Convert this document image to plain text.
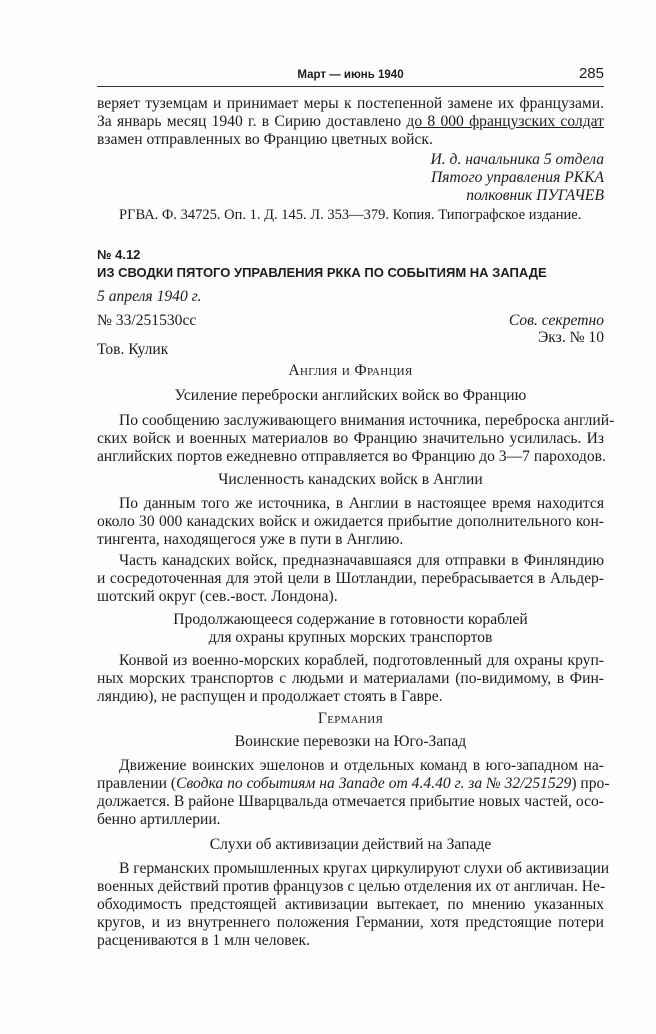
Март — июнь 1940	285
веряет туземцам и принимает меры к постепенной замене их французами.
За январь месяц 1940 г. в Сирию доставлено до 8 000 французских солдат
взамен отправленных во Францию цветных войск.
И. д. начальника 5 отдела
Пятого управления РККА
полковник ПУГАЧЕВ
РГВА. Ф. 34725. Оп. 1. Д. 145. Л. 353—379. Копия. Типографское издание.
№ 4.12
ИЗ СВОДКИ ПЯТОГО УПРАВЛЕНИЯ РККА ПО СОБЫТИЯМ НА ЗАПАДЕ
5 апреля 1940 г.
№ 33/251530сс	Сов. секретно
Экз. № 10
Тов. Кулик
Англия и Франция
Усиление переброски английских войск во Францию
По сообщению заслуживающего внимания источника, переброска англий-
ских войск и военных материалов во Францию значительно усилилась. Из
английских портов ежедневно отправляется во Францию до 3—7 пароходов.
Численность канадских войск в Англии
По данным того же источника, в Англии в настоящее время находится
около 30 000 канадских войск и ожидается прибытие дополнительного кон-
тингента, находящегося уже в пути в Англию.
Часть канадских войск, предназначавшаяся для отправки в Финляндию
и сосредоточенная для этой цели в Шотландии, перебрасывается в Альдер-
шотский округ (сев.-вост. Лондона).
Продолжающееся содержание в готовности кораблей
для охраны крупных морских транспортов
Конвой из военно-морских кораблей, подготовленный для охраны круп-
ных морских транспортов с людьми и материалами (по-видимому, в Фин-
ляндию), не распущен и продолжает стоять в Гавре.
Германия
Воинские перевозки на Юго-Запад
Движение воинских эшелонов и отдельных команд в юго-западном на-
правлении (Сводка по событиям на Западе от 4.4.40 г. за № 32/251529) про-
должается. В районе Шварцвальда отмечается прибытие новых частей, осо-
бенно артиллерии.
Слухи об активизации действий на Западе
В германских промышленных кругах циркулируют слухи об активизации
военных действий против французов с целью отделения их от англичан. Не-
обходимость предстоящей активизации вытекает, по мнению указанных
кругов, и из внутреннего положения Германии, хотя предстоящие потери
расцениваются в 1 млн человек.
